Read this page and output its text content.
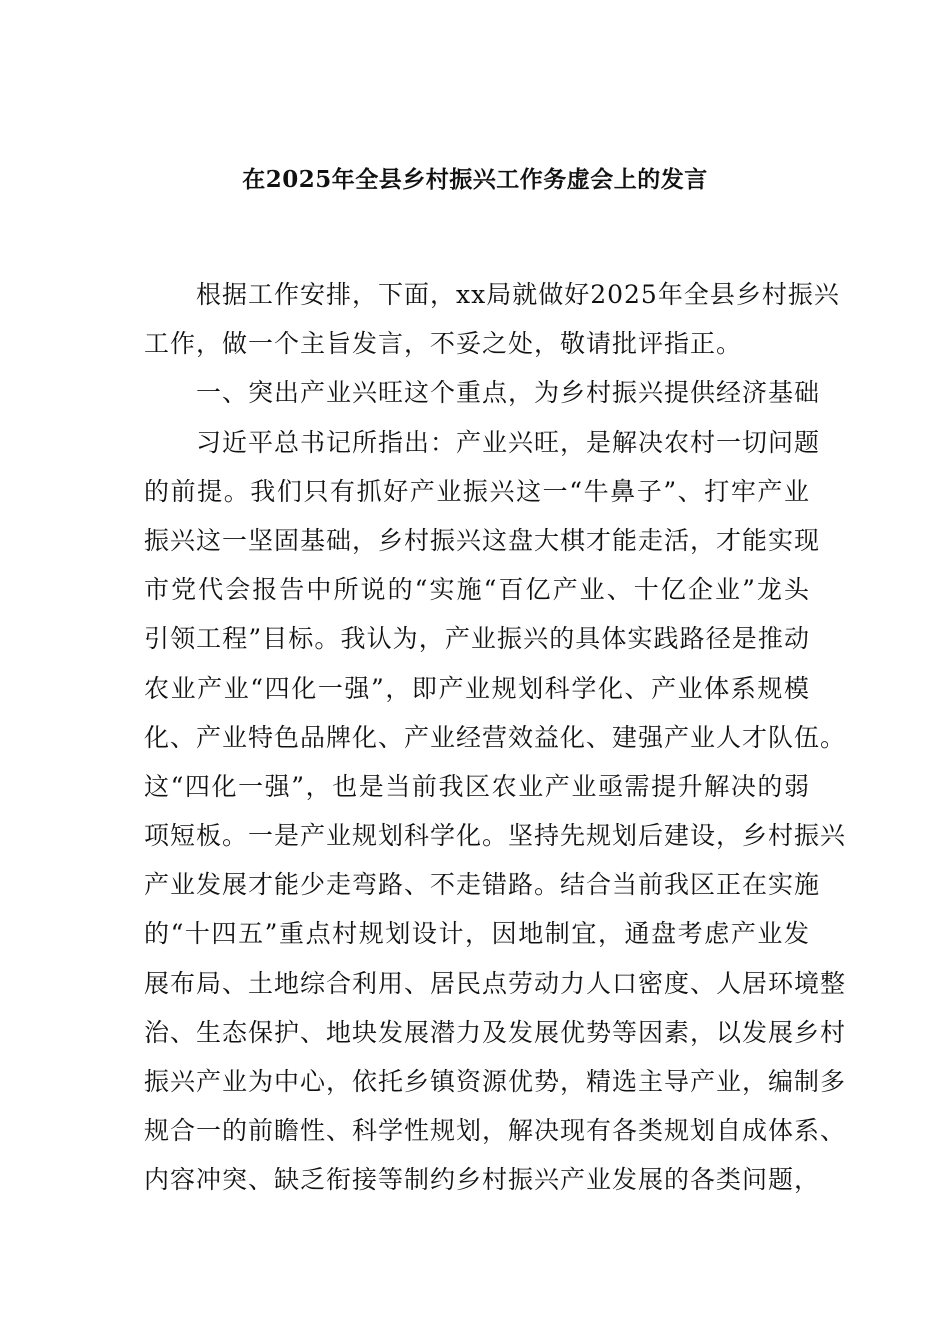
在2025年全县乡村振兴工作务虚会上的发言
根据工作安排，下面，xx局就做好2025年全县乡村振兴
工作，做一个主旨发言，不妥之处，敬请批评指正。
一、突出产业兴旺这个重点，为乡村振兴提供经济基础
习近平总书记所指出：产业兴旺，是解决农村一切问题
的前提。我们只有抓好产业振兴这一“牛鼻子”、打牢产业
振兴这一坚固基础，乡村振兴这盘大棋才能走活，才能实现
市党代会报告中所说的“实施“百亿产业、十亿企业”龙头
引领工程”目标。我认为，产业振兴的具体实践路径是推动
农业产业“四化一强”，即产业规划科学化、产业体系规模
化、产业特色品牌化、产业经营效益化、建强产业人才队伍。
这“四化一强”，也是当前我区农业产业亟需提升解决的弱
项短板。一是产业规划科学化。坚持先规划后建设，乡村振兴
产业发展才能少走弯路、不走错路。结合当前我区正在实施
的“十四五”重点村规划设计，因地制宜，通盘考虑产业发
展布局、土地综合利用、居民点劳动力人口密度、人居环境整
治、生态保护、地块发展潜力及发展优势等因素，以发展乡村
振兴产业为中心，依托乡镇资源优势，精选主导产业，编制多
规合一的前瞻性、科学性规划，解决现有各类规划自成体系、
内容冲突、缺乏衔接等制约乡村振兴产业发展的各类问题，
